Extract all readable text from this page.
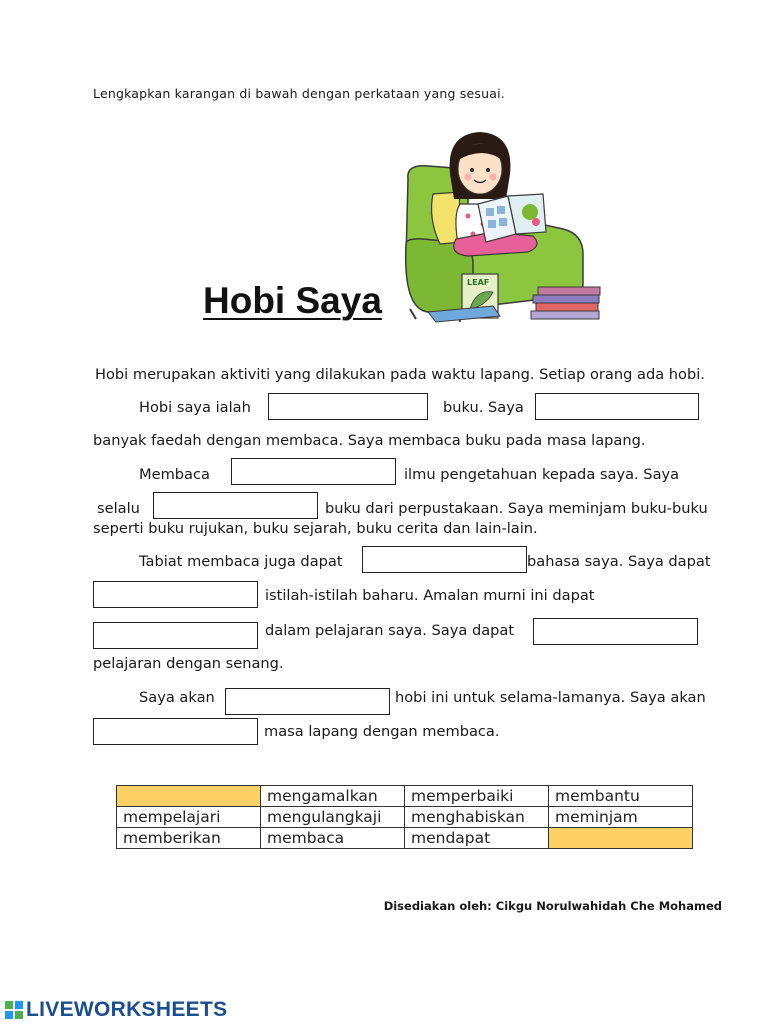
Lengkapkan karangan di bawah dengan perkataan yang sesuai.
LEAF
Hobi Saya
Hobi merupakan aktiviti yang dilakukan pada waktu lapang. Setiap orang ada hobi.
Hobi saya ialah	buku. Saya
banyak faedah dengan membaca. Saya membaca buku pada masa lapang.
Membaca	ilmu pengetahuan kepada saya. Saya
selalu	buku dari perpustakaan. Saya meminjam buku-buku
seperti buku rujukan, buku sejarah, buku cerita dan lain-lain.
Tabiat membaca juga dapat	bahasa saya. Saya dapat
istilah-istilah baharu. Amalan murni ini dapat
dalam pelajaran saya. Saya dapat
pelajaran dengan senang.
Saya akan	hobi ini untuk selama-lamanya. Saya akan
masa lapang dengan membaca.
	mengamalkan	memperbaiki	membantu
mempelajari	mengulangkaji	menghabiskan	meminjam
memberikan	membaca	mendapat	
Disediakan oleh: Cikgu Norulwahidah Che Mohamed
LIVEWORKSHEETS
